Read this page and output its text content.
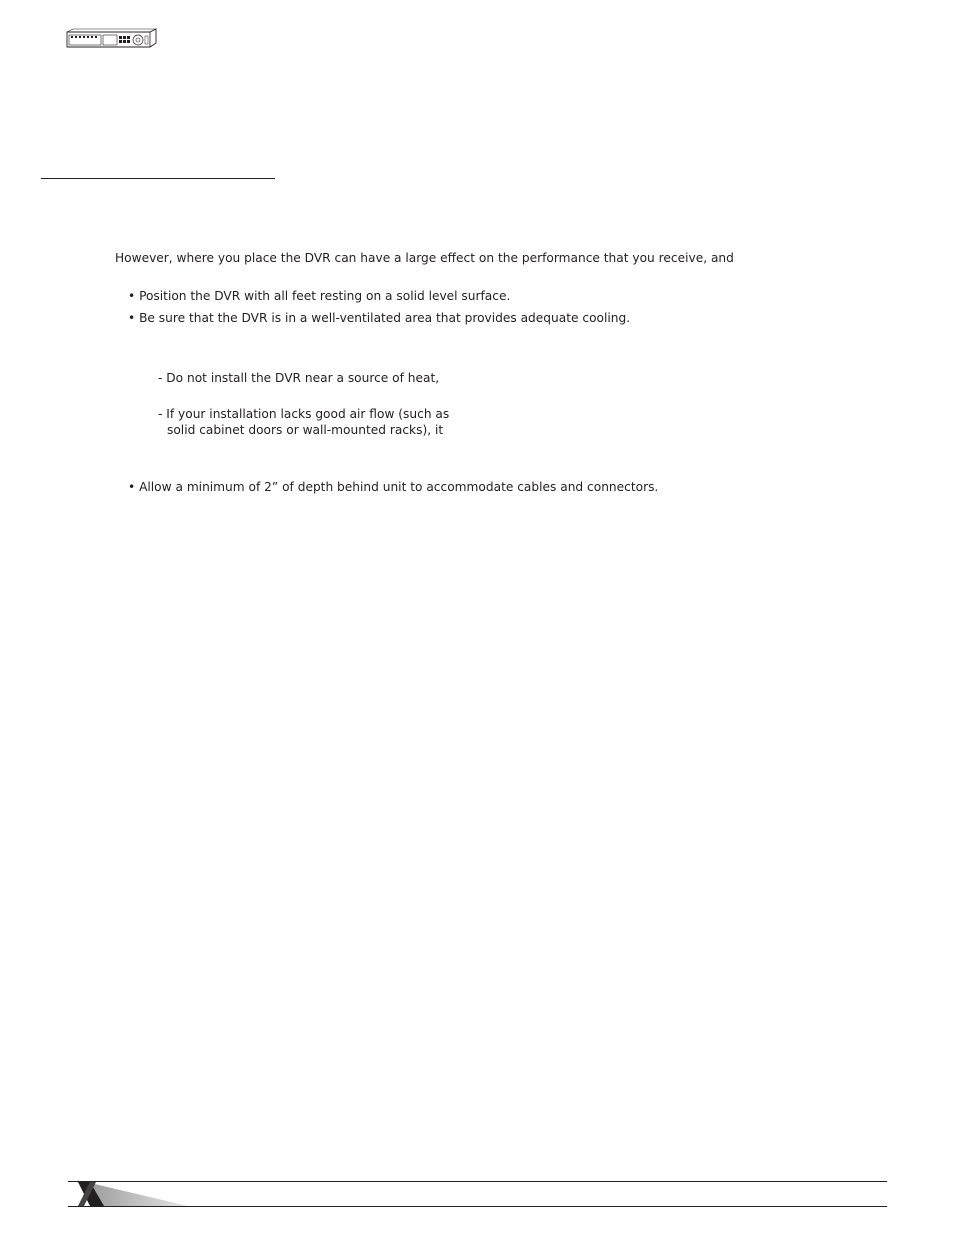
However, where you place the DVR can have a large effect on the performance that you receive, and
• Position the DVR with all feet resting on a solid level surface.
• Be sure that the DVR is in a well-ventilated area that provides adequate cooling.
- Do not install the DVR near a source of heat,
- If your installation lacks good air flow (such as
solid cabinet doors or wall-mounted racks), it
• Allow a minimum of 2” of depth behind unit to accommodate cables and connectors.
